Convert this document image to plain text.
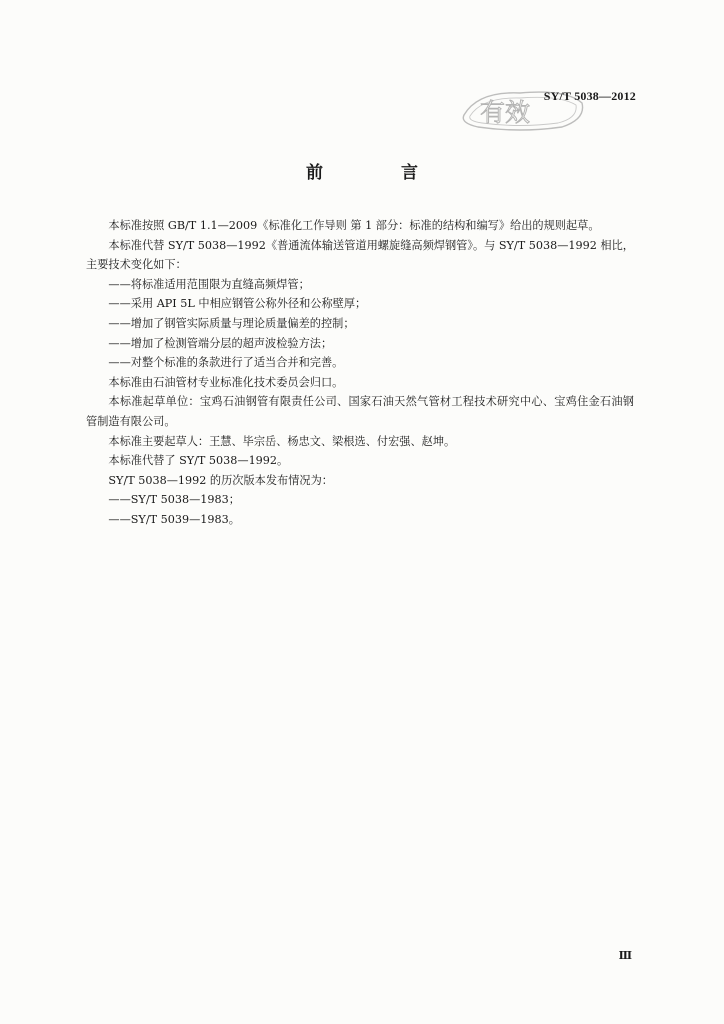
有效
SY/T 5038—2012
前 言

本标准按照 GB/T 1.1—2009《标准化工作导则 第 1 部分：标准的结构和编写》给出的规则起草。

本标准代替 SY/T 5038—1992《普通流体输送管道用螺旋缝高频焊钢管》。与 SY/T 5038—1992 相比，主要技术变化如下：

——将标准适用范围限为直缝高频焊管；

——采用 API 5L 中相应钢管公称外径和公称壁厚；

——增加了钢管实际质量与理论质量偏差的控制；

——增加了检测管端分层的超声波检验方法；

——对整个标准的条款进行了适当合并和完善。

本标准由石油管材专业标准化技术委员会归口。

本标准起草单位：宝鸡石油钢管有限责任公司、国家石油天然气管材工程技术研究中心、宝鸡住金石油钢管制造有限公司。

本标准主要起草人：王慧、毕宗岳、杨忠文、梁根选、付宏强、赵坤。

本标准代替了 SY/T 5038—1992。

SY/T 5038—1992 的历次版本发布情况为：

——SY/T 5038—1983；

——SY/T 5039—1983。

Ⅲ
